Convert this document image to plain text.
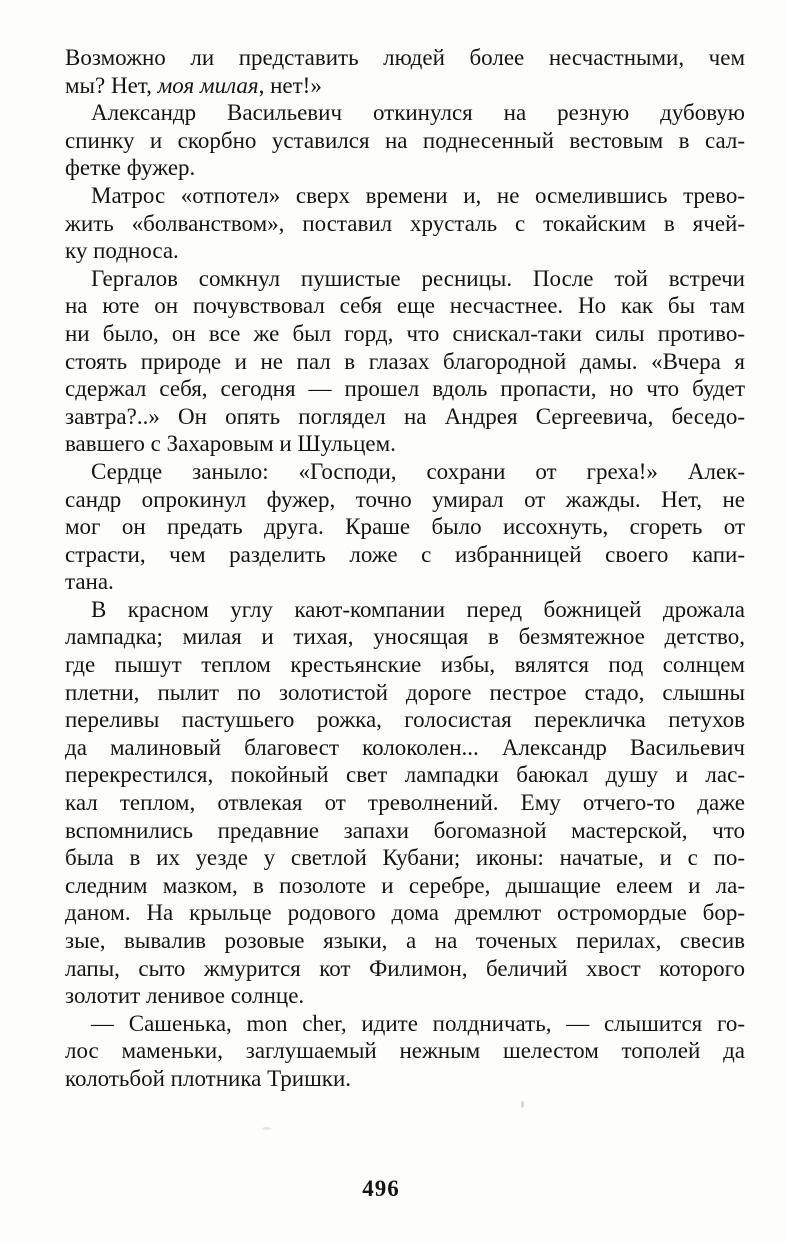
Возможно ли представить людей более несчастными, чем
мы? Нет, моя милая, нет!»
Александр Васильевич откинулся на резную дубовую
спинку и скорбно уставился на поднесенный вестовым в сал-
фетке фужер.
Матрос «отпотел» сверх времени и, не осмелившись трево-
жить «болванством», поставил хрусталь с токайским в ячей-
ку подноса.
Гергалов сомкнул пушистые ресницы. После той встречи
на юте он почувствовал себя еще несчастнее. Но как бы там
ни было, он все же был горд, что снискал-таки силы противо-
стоять природе и не пал в глазах благородной дамы. «Вчера я
сдержал себя, сегодня — прошел вдоль пропасти, но что будет
завтра?..» Он опять поглядел на Андрея Сергеевича, беседо-
вавшего с Захаровым и Шульцем.
Сердце заныло: «Господи, сохрани от греха!» Алек-
сандр опрокинул фужер, точно умирал от жажды. Нет, не
мог он предать друга. Краше было иссохнуть, сгореть от
страсти, чем разделить ложе с избранницей своего капи-
тана.
В красном углу кают-компании перед божницей дрожала
лампадка; милая и тихая, уносящая в безмятежное детство,
где пышут теплом крестьянские избы, вялятся под солнцем
плетни, пылит по золотистой дороге пестрое стадо, слышны
переливы пастушьего рожка, голосистая перекличка петухов
да малиновый благовест колоколен... Александр Васильевич
перекрестился, покойный свет лампадки баюкал душу и лас-
кал теплом, отвлекая от треволнений. Ему отчего-то даже
вспомнились предавние запахи богомазной мастерской, что
была в их уезде у светлой Кубани; иконы: начатые, и с по-
следним мазком, в позолоте и серебре, дышащие елеем и ла-
даном. На крыльце родового дома дремлют остромордые бор-
зые, вывалив розовые языки, а на точеных перилах, свесив
лапы, сыто жмурится кот Филимон, беличий хвост которого
золотит ленивое солнце.
— Сашенька, mon cher, идите полдничать, — слышится го-
лос маменьки, заглушаемый нежным шелестом тополей да
колотьбой плотника Тришки.
496
